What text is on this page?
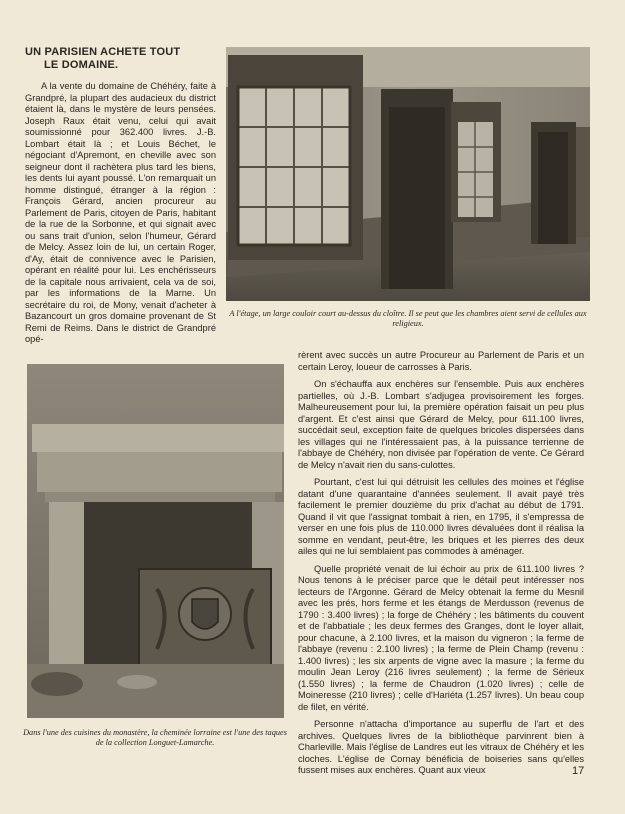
UN PARISIEN ACHETE TOUT
LE DOMAINE.

A la vente du domaine de Chéhéry, faite à Grandpré, la plupart des audacieux du district étaient là, dans le mystère de leurs pensées. Joseph Raux était venu, celui qui avait soumissionné pour 362.400 livres. J.-B. Lombart était là ; et Louis Béchet, le négociant d'Apremont, en cheville avec son seigneur dont il rachètera plus tard les biens, les dents lui ayant poussé. L'on remarquait un homme distingué, étranger à la région : François Gérard, ancien procureur au Parlement de Paris, citoyen de Paris, habitant de la rue de la Sorbonne, et qui signait avec ou sans trait d'union, selon l'humeur, Gérard de Melcy. Assez loin de lui, un certain Roger, d'Ay, était de connivence avec le Parisien, opérant en réalité pour lui. Les enchérisseurs de la capitale nous arrivaient, cela va de soi, par les informations de la Marne. Un secrétaire du roi, de Mony, venait d'acheter à Bazancourt un gros domaine provenant de St Remi de Reims. Dans le district de Grandpré opé-

A l'étage, un large couloir court au-dessus du cloître. Il se peut que les chambres aient servi de cellules aux religieux.
Dans l'une des cuisines du monastère, la cheminée lorraine est l'une des taques de la collection Longuet-Lamarche.

rèrent avec succès un autre Procureur au Parlement de Paris et un certain Leroy, loueur de carrosses à Paris.

On s'échauffa aux enchères sur l'ensemble. Puis aux enchères partielles, où J.-B. Lombart s'adjugea provisoirement les forges. Malheureusement pour lui, la première opération faisait un peu plus d'argent. Et c'est ainsi que Gérard de Melcy, pour 611.100 livres, succédait seul, exception faite de quelques bricoles dispersées dans les villages qui ne l'intéressaient pas, à la puissance terrienne de l'abbaye de Chéhéry, non divisée par l'opération de vente. Ce Gérard de Melcy n'avait rien du sans-culottes.

Pourtant, c'est lui qui détruisit les cellules des moines et l'église datant d'une quarantaine d'années seulement. Il avait payé très facilement le premier douzième du prix d'achat au début de 1791. Quand il vit que l'assignat tombait à rien, en 1795, il s'empressa de verser en une fois plus de 110.000 livres dévaluées dont il réalisa la somme en vendant, peut-être, les briques et les pierres des deux ailes qui ne lui semblaient pas commodes à aménager.

Quelle propriété venait de lui échoir au prix de 611.100 livres ? Nous tenons à le préciser parce que le détail peut intéresser nos lecteurs de l'Argonne. Gérard de Melcy obtenait la ferme du Mesnil avec les prés, hors ferme et les étangs de Merdusson (revenus de 1790 : 3.400 livres) ; la forge de Chéhéry ; les bâtiments du couvent et de l'abbatiale ; les deux fermes des Granges, dont le loyer allait, pour chacune, à 2.100 livres, et la maison du vigneron ; la ferme de l'abbaye (revenu : 2.100 livres) ; la ferme de Plein Champ (revenu : 1.400 livres) ; les six arpents de vigne avec la masure ; la ferme du moulin Jean Leroy (216 livres seulement) ; la ferme de Sérieux (1.550 livres) ; la ferme de Chaudron (1.020 livres) ; celle de Moineresse (210 livres) ; celle d'Hariéta (1.257 livres). Un beau coup de filet, en vérité.

Personne n'attacha d'importance au superflu de l'art et des archives. Quelques livres de la bibliothèque parvinrent bien à Charleville. Mais l'église de Landres eut les vitraux de Chéhéry et les cloches. L'église de Cornay bénéficia de boiseries sans qu'elles fussent mises aux enchères. Quant aux vieux	17
